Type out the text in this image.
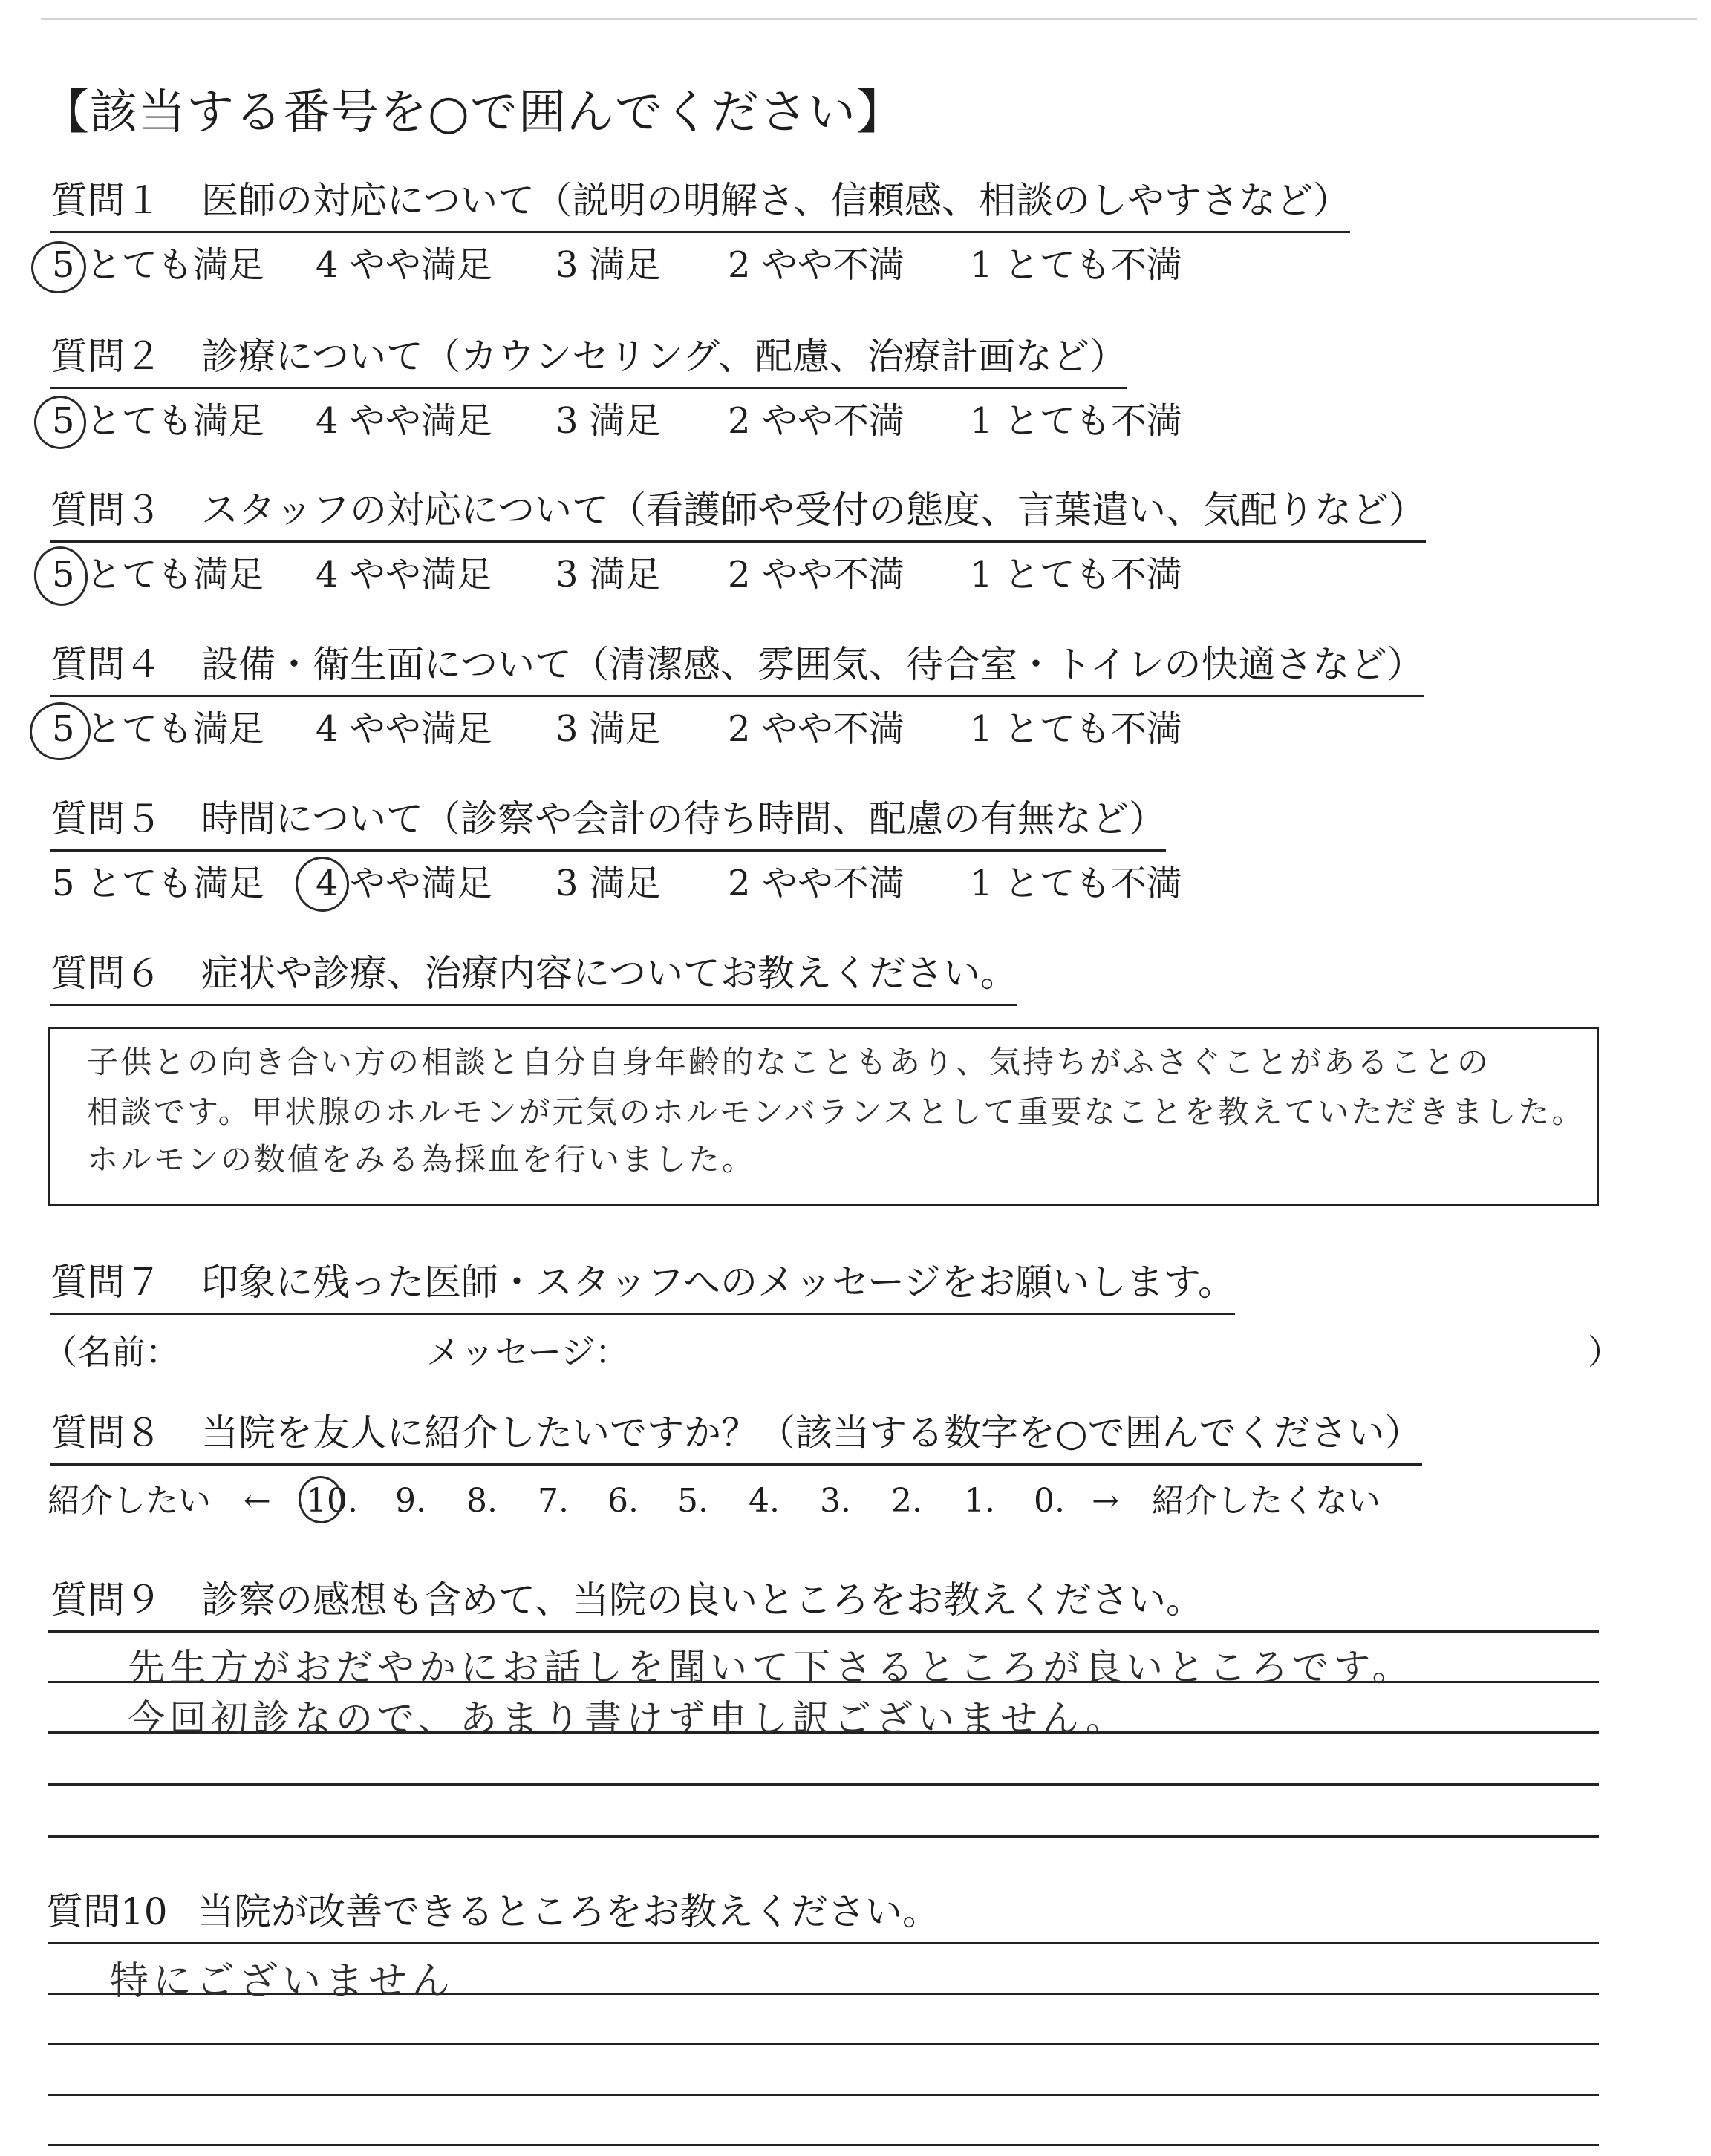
【該当する番号を○で囲んでください】
質問１ 医師の対応について（説明の明解さ、信頼感、相談のしやすさなど）
5 とても満足 4 やや満足 3 満足 2 やや不満 1 とても不満
質問２ 診療について（カウンセリング、配慮、治療計画など）
5 とても満足 4 やや満足 3 満足 2 やや不満 1 とても不満
質問３ スタッフの対応について（看護師や受付の態度、言葉遣い、気配りなど）
5 とても満足 4 やや満足 3 満足 2 やや不満 1 とても不満
質問４ 設備・衛生面について（清潔感、雰囲気、待合室・トイレの快適さなど）
5 とても満足 4 やや満足 3 満足 2 やや不満 1 とても不満
質問５ 時間について（診察や会計の待ち時間、配慮の有無など）
5 とても満足 4 やや満足 3 満足 2 やや不満 1 とても不満
質問６ 症状や診療、治療内容についてお教えください。
子供との向き合い方の相談と自分自身年齢的なこともあり、気持ちがふさぐことがあることの
相談です。甲状腺のホルモンが元気のホルモンバランスとして重要なことを教えていただきました。
ホルモンの数値をみる為採血を行いました。
質問７ 印象に残った医師・スタッフへのメッセージをお願いします。
（名前：	メッセージ：	）
質問８ 当院を友人に紹介したいですか？（該当する数字を○で囲んでください）
紹介したい　← 10. 9. 8. 7. 6. 5. 4. 3. 2. 1. 0. →　紹介したくない
質問９ 診察の感想も含めて、当院の良いところをお教えください。
先生方がおだやかにお話しを聞いて下さるところが良いところです。
今回初診なので、あまり書けず申し訳ございません。
質問10 当院が改善できるところをお教えください。
特にございません
